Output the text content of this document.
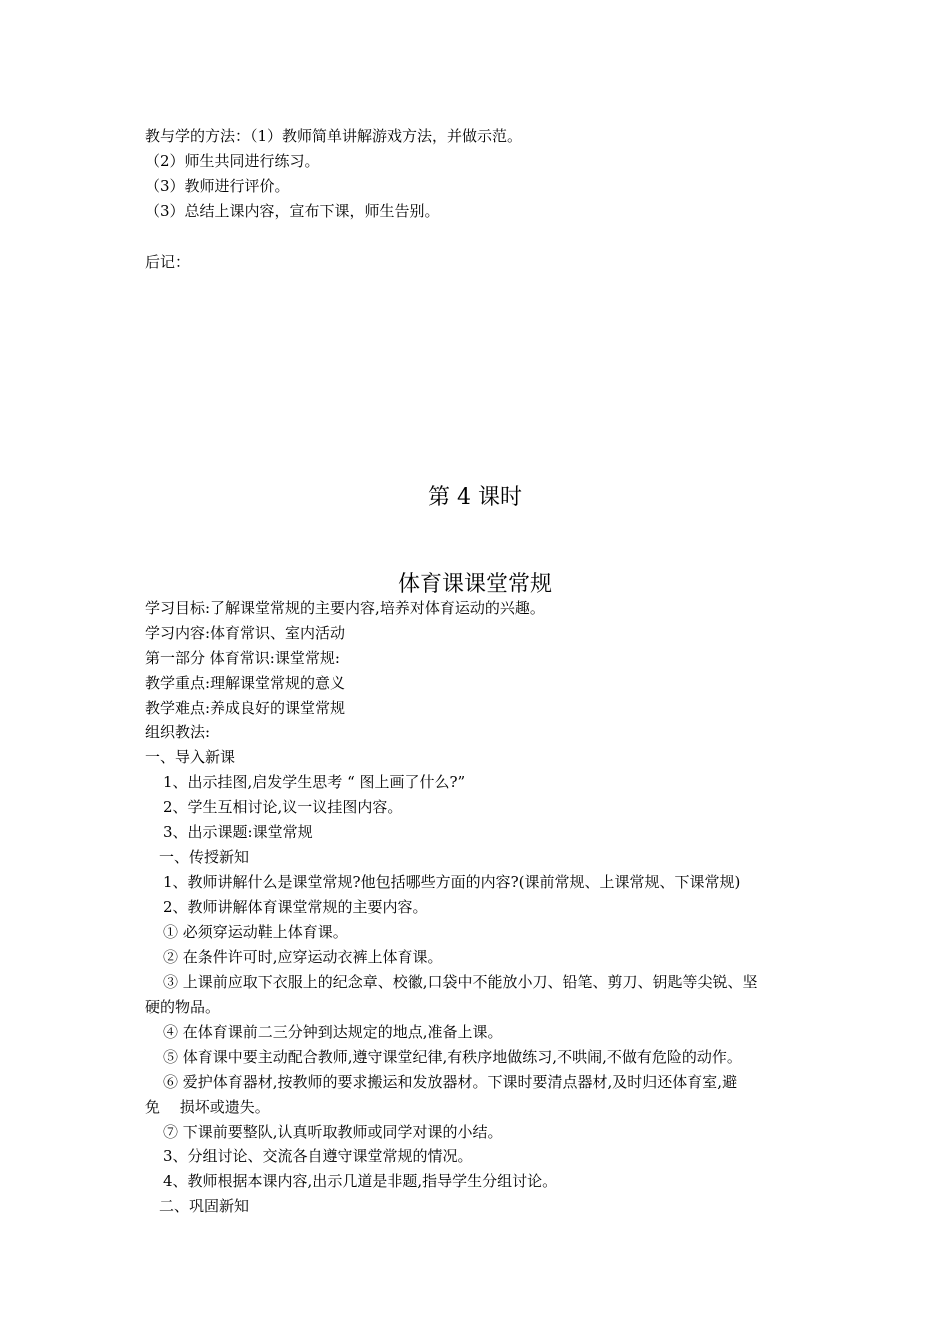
教与学的方法：（1）教师简单讲解游戏方法，并做示范。
（2）师生共同进行练习。
（3）教师进行评价。
（3）总结上课内容，宣布下课，师生告别。
后记：
第 4 课时
体育课课堂常规
学习目标:了解课堂常规的主要内容,培养对体育运动的兴趣。
学习内容:体育常识、室内活动
第一部分 体育常识:课堂常规:
教学重点:理解课堂常规的意义
教学难点:养成良好的课堂常规
组织教法:
一、导入新课
1、出示挂图,启发学生思考 “ 图上画了什么?”
2、学生互相讨论,议一议挂图内容。
3、出示课题:课堂常规
一、传授新知
1、教师讲解什么是课堂常规?他包括哪些方面的内容?(课前常规、上课常规、下课常规)
2、教师讲解体育课堂常规的主要内容。
① 必须穿运动鞋上体育课。
② 在条件许可时,应穿运动衣裤上体育课。
③ 上课前应取下衣服上的纪念章、校徽,口袋中不能放小刀、铅笔、剪刀、钥匙等尖锐、坚
硬的物品。
④ 在体育课前二三分钟到达规定的地点,准备上课。
⑤ 体育课中要主动配合教师,遵守课堂纪律,有秩序地做练习,不哄闹,不做有危险的动作。
⑥ 爱护体育器材,按教师的要求搬运和发放器材。下课时要清点器材,及时归还体育室,避
免　 损坏或遗失。
⑦ 下课前要整队,认真听取教师或同学对课的小结。
3、分组讨论、交流各自遵守课堂常规的情况。
4、教师根据本课内容,出示几道是非题,指导学生分组讨论。
二、巩固新知
